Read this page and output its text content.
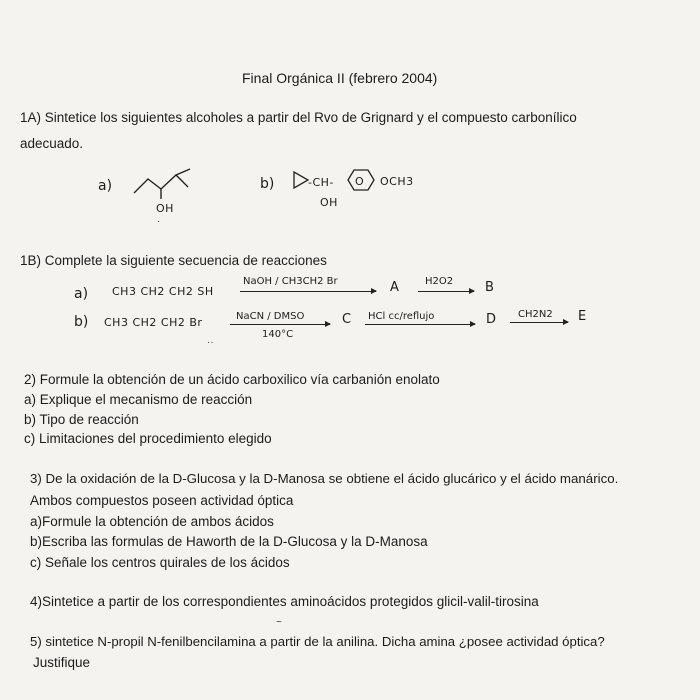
Final Orgánica II (febrero 2004)
1A) Sintetice los siguientes alcoholes a partir del Rvo de Grignard y el compuesto carbonílico
adecuado.
a)
OH
·
b)	-CH- O OCH3
OH
1B) Complete la siguiente secuencia de reacciones
a) CH3 CH2 CH2 SH
NaOH / CH3CH2 Br	A	H2O2 B
b) CH3 CH2 CH2 Br	NaCN / DMSO
140°C
··
C HCl cc/reflujo	D CH2N2 E
2) Formule la obtención de un ácido carboxilico vía carbanión enolato
a) Explique el mecanismo de reacción
b) Tipo de reacción
c) Limitaciones del procedimiento elegido
3) De la oxidación de la D-Glucosa y la D-Manosa se obtiene el ácido glucárico y el ácido manárico.
Ambos compuestos poseen actividad óptica
a)Formule la obtención de ambos ácidos
b)Escriba las formulas de Haworth de la D-Glucosa y la D-Manosa
c) Señale los centros quirales de los ácidos
4)Sintetice a partir de los correspondientes aminoácidos protegidos glicil-valil-tirosina
~
5) sintetice N-propil N-fenilbencilamina a partir de la anilina. Dicha amina ¿posee actividad óptica?
Justifique
